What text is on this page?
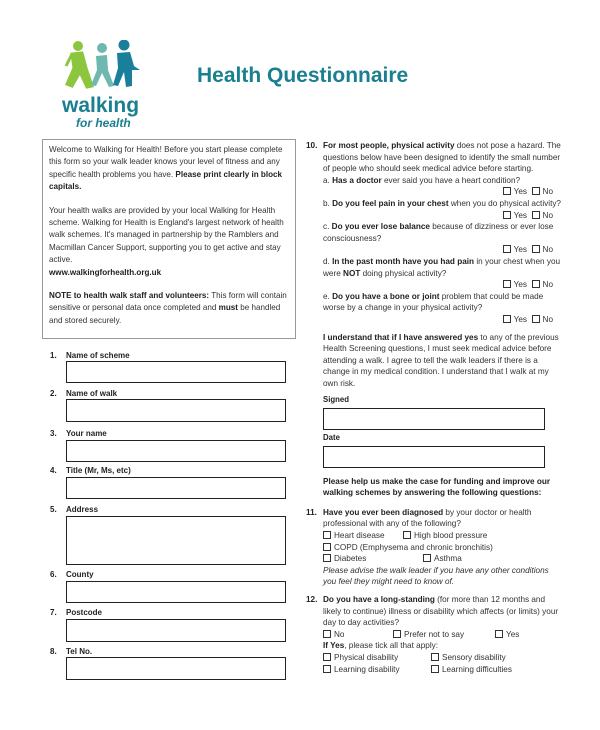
walking
for health
Health Questionnaire

Welcome to Walking for Health! Before you start please complete this form so your walk leader knows your level of fitness and any specific health problems you have. Please print clearly in block capitals.

Your health walks are provided by your local Walking for Health scheme. Walking for Health is England's largest network of health walk schemes. It's managed in partnership by the Ramblers and Macmillan Cancer Support, supporting you to get active and stay active.
www.walkingforhealth.org.uk

NOTE to health walk staff and volunteers: This form will contain sensitive or personal data once completed and must be handled and stored securely.

1. Name of scheme
2. Name of walk
3. Your name
4. Title (Mr, Ms, etc)
5. Address
6. County
7. Postcode
8. Tel No.
10. For most people, physical activity does not pose a hazard. The questions below have been designed to identify the small number of people who should seek medical advice before starting.
a. Has a doctor ever said you have a heart condition?
Yes No
b. Do you feel pain in your chest when you do physical activity?
Yes No
c. Do you ever lose balance because of dizziness or ever lose consciousness?
Yes No
d. In the past month have you had pain in your chest when you were NOT doing physical activity?
Yes No
e. Do you have a bone or joint problem that could be made worse by a change in your physical activity?
Yes No
I understand that if I have answered yes to any of the previous Health Screening questions, I must seek medical advice before attending a walk. I agree to tell the walk leaders if there is a change in my medical condition. I understand that I walk at my own risk.
Signed
Date
Please help us make the case for funding and improve our walking schemes by answering the following questions:
11. Have you ever been diagnosed by your doctor or health professional with any of the following?
Heart disease	High blood pressure
COPD (Emphysema and chronic bronchitis)
Diabetes	Asthma
Please advise the walk leader if you have any other conditions you feel they might need to know of.
12. Do you have a long-standing (for more than 12 months and likely to continue) illness or disability which affects (or limits) your day to day activities?
No	Prefer not to say	Yes
If Yes, please tick all that apply:
Physical disability	Sensory disability
Learning disability	Learning difficulties
